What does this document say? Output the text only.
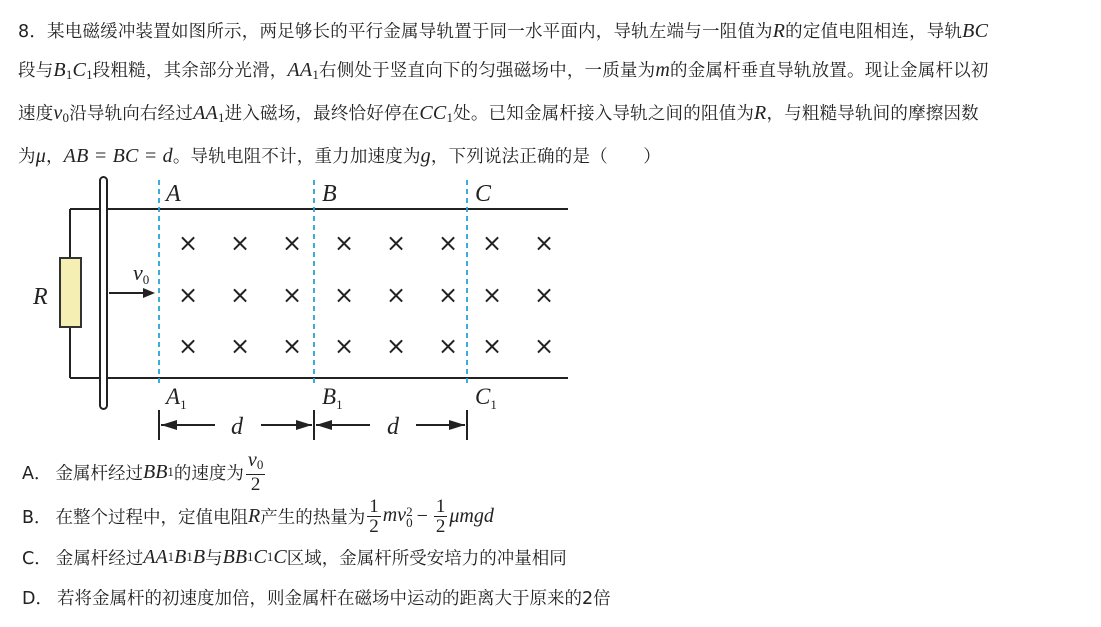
8．某电磁缓冲装置如图所示，两足够长的平行金属导轨置于同一水平面内，导轨左端与一阻值为R的定值电阻相连，导轨BC

段与$B_1C_1$段粗糙，其余部分光滑，$AA_1$右侧处于竖直向下的匀强磁场中，一质量为m的金属杆垂直导轨放置。现让金属杆以初

速度$v_0$沿导轨向右经过$AA_1$进入磁场，最终恰好停在$CC_1$处。已知金属杆接入导轨之间的阻值为R，与粗糙导轨间的摩擦因数

为μ，AB = BC = d。导轨电阻不计，重力加速度为g，下列说法正确的是（　　）

R
v0
A	B	C
$A_1$	$B_1$	$C_1$
× × × × × × × ×
× × × × × × × ×
× × × × × × × ×
d	d
A． 金属杆经过 BB 1 的速度为 $\frac{v_0}{2}$
B． 在整个过程中，定值电阻 R 产生的热量为 $\frac{1}{2}$ mv 2
$0 - \frac{1}{2}$ μmgd
C． 金属杆经过 AA 1 B 1 B 与 BB 1 C 1 C 区域，金属杆所受安培力的冲量相同
D． 若将金属杆的初速度加倍，则金属杆在磁场中运动的距离大于原来的2倍
